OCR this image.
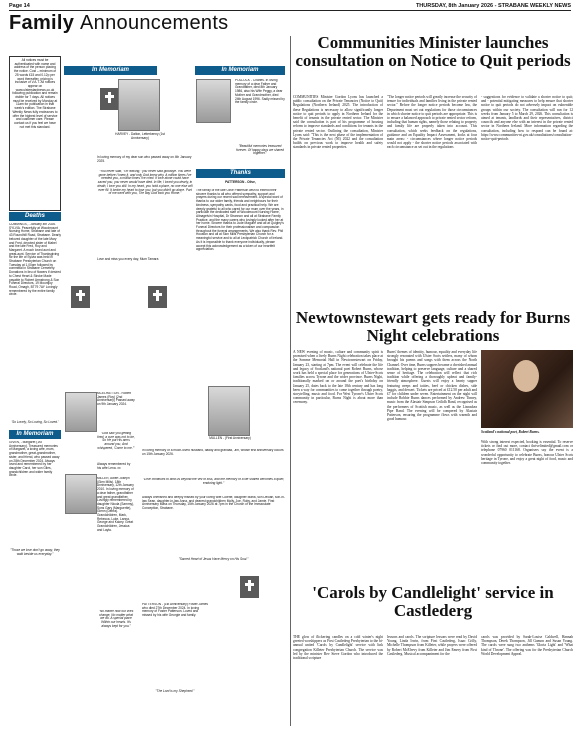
Page 14	THURSDAY, 8th January 2026 - STRABANE WEEKLY NEWS
Family Announcements
All notices must be authenticated with name and address of the person placing the notice. Cost – minimum of 25 words £15 and 0.12p per word thereafter, pricing is inclusive of V.A.T. All notices appear on www.ulsterstardnews.co.uk following publication and remain visible for 7 days. All notices must be received by Monday at 11am for publication in that week's edition. The Strabane Weekly News fully endeavors to offer the highest level of service and customer care. Please contact us if you feel we have not met this standard.
Deaths
CUMMINGS, - January 4th 2026. SYLVIA. Peacefully at Woodmount Nursing Home, Strabane and late of 43 Roundhill Road, Strabane. Dearly beloved daughter of the late Mary and Fred, devoted sister of Mabel and the late Fred, Roy and Margaret. A much loved aunt and great-aunt. Service of Thanksgiving for the life of Sylvia was held in Strabane Presbyterian Church on Tuesday at 1.00pm followed by committal in Strabane Cemetery. Donations in lieu of flowers if desired to Chest Heart & Stroke Made payable to Robert Armstrong & Son Funeral Directors, 19 Mountjoy Road, Omagh, BT79 7AY Lovingly remembered by the entire family circle.
'So Lovely, So Loving, So Loved.'
In Memoriam
GIVEN, - Margaret (1st Anniversary). Treasured memories of Margaret, a loving wife, mum, grandmother, great-grandmother, sister, and friend, who passed away on 28th December 2024. Always loved and remembered by her daughter Carol, her son Giles, grandchildren and wider family circle.
"Those we love don't go away, they walk beside us everyday."
In Memoriam
HARVEY - Dalton, Letterkenny (1st Anniversary)
In loving memory of my dear son who passed away on 4th January 2025.
"You never said, "I'm leaving," you never said goodbye. You were gone before I knew it, and only God knew why. A million times I've needed you, a million times I've cried. If love alone could have saved you, you never would have died. In life, I loved you dearly, in death, I love you still. In my heart, you hold a place, no one else will ever fill. It broke my heart to lose you, but you didn't go alone. Part of me went with you, The day God took you Home."
Love and miss you every day, Mum Tamara
MCELHATTON - Robert James (Roy) (2nd Anniversary) Passed away on 9th January 2024.
"God saw you getting tired, a cure was not to be, So He put His arms around you, And whispered, 'Come to me.'"
Always remembered by his wife Lena. xx
MILLER, Albert Joseph (Glen Mills). 18th Anniversary, 12th January 2010. In loving memory of a dear father, grandfather and great grandfather. Lovingly remembered by daughter Nicola (Sammy), Sons Gary (Marguerite), Glenn (Debra). Grandchildren, Mark, Rebecca, Luke, Lanna, George and Kacey. Great Grandchildren, Jessica and Layla.
"No matter how our lives change, No matter what we do. A special place Within our hearts. It's always kept for you."
In Memoriam
POLLOCK - Charles. In loving memory of a dear Father and Grandfather, died 8th January 1986, also his Wife Peggy, a dear Mother and Grandmother, died 24th August 1996. Sadly missed by the family circle.
"Beautiful memories treasured forever. Of happy days we shared together."
Thanks
PATTERSON - Olive,
The family of the late Olive Patterson wish to extend their sincere thanks to all who offered sympathy, support and prayers during our recent sad bereavement. A special word of thanks to our wider family, friends and neighbours for their kindness, sympathy cards, food and practical help. We are deeply grateful to all who cared for our mum over the years, in particular the dedicated staff of Woodmount Nursing Home, Altnagelvin Hospital, Dr Strannon and all at Strabane Family Practice, and the many carers who lovingly looked after her at her home. Sincere thanks to Jude Maguire and all at Quigley's Funeral Directors for their professionalism and compassion throughout the funeral arrangements. We also thank Rev. Phil Houston and all at Sion Mills Presbyterian Church for a meaningful service and to all at Leckpatrick Church of Ireland. As it is impossible to thank everyone individually, please accept this acknowledgement as a token of our heartfelt appreciation.
MULLEN - (First Anniversary)
In loving memory of a much-loved husband, daddy and grandad, Jim, whose first anniversary occurs on 15th January 2026.
"Love continues to bind us beyond the veil of loss, and the memory of a life shared becomes a quiet, enduring light."
Always cherished and deeply missed by your loving wife Colette, daughter Maria, son Declan, son-in-law Sean, daughter-in-law Anna, and dearest grandchildren Molly, Joe, Ruby, and Jamie. First Anniversary Mass on Thursday, 15th January 2026 at 7pm in the Church of the Immaculate Conception, Strabane.
"Sacred Heart of Jesus Have Mercy on His Soul."
PATTERSON - (1st Anniversary) Foster James who died 27th December 2024. In loving memory of Foster Patterson. Loved and missed by his wife Georgie and family.
"The Lord is my Shepherd."
Communities Minister launches consultation on Notice to Quit periods
COMMUNITIES Minister Gordon Lyons has launched a public consultation on the Private Tenancies (Notice to Quit) Regulations (Northern Ireland) 2025. The introduction of these Regulations is necessary to allow significantly longer notice to quit periods to apply in Northern Ireland for the benefit of tenants in the private rented sector. The Minister said the consultation is part of his programme of housing reform to improve standards and conditions for tenants in the private rented sector. Outlining the consultation, Minister Lyons said: "This is the next phase of the implementation of the Private Tenancies Act (NI) 2022 and the consultation builds on previous work to improve health and safety standards in private rented properties.
"The longer notice periods will greatly increase the security of tenure for individuals and families living in the private rented sector." Before the longer notice periods become law, the Department must set out regulations for those circumstances in which shorter notice to quit periods are appropriate. This is to ensure a balanced approach to private rented sector reform, including that human rights, namely those relating to property and family life are properly taken into account. This consultation, which seeks feedback on the regulations, guidance and an Equality Impact Assessment, looks at four main areas: - circumstances where longer notice periods would not apply - the shorter notice periods associated with each circumstance as set out in the regulations
- suggestions for evidence to validate a shorter notice to quit; and - potential mitigating measures to help ensure that shorter notice to quit periods do not adversely impact on vulnerable groups within our society. The consultation will run for 12 weeks from January 5 to March 29, 2026. This consultation is aimed at tenants, landlords and their representatives, district councils and anyone else with an interest in the private rented sector in Northern Ireland. More information regarding the consultation, including how to respond can be found at: https://www.communities-ni.gov.uk/consultations/consultation-notice-quit-periods
Newtownstewart gets ready for Burns Night celebrations
A NEW evening of music, culture and community spirit is promised when a lively Burns Night celebration takes place at the Somme Memorial Hall in Newtownstewart on Friday, January 23, starting at 7pm. The event will celebrate the life and legacy of Scotland's national poet Robert Burns, whose work has held a special place for generations of Ulster-Scots families across Tyrone and the wider province. Burns Night, traditionally marked on or around the poet's birthday on January 25, dates back to the late 18th century and has long been a way for communities to come together through poetry, storytelling, music and food. For West Tyrone's Ulster Scots community in particular, Burns Night is about more than ceremony.
Burns' themes of identity, humour, equality and everyday life strongly resonated with Ulster Scots settlers, many of whom brought his poems and songs with them across the North Channel. Over time, Burns suppers became a cherished annual tradition, helping to preserve language, culture and a shared sense of heritage. The celebration will reflect that rich tradition while offering a thoroughly upbeat and family-friendly atmosphere. Guests will enjoy a hearty supper featuring neeps and tatties, beef or chicken dishes, side haggis, and dessert. Tickets are priced at £12.50 per adult and £7 for children under seven. Entertainment on the night will include Robbie Burns dances performed by Andrew Tinney, music from the Alastair Simpson Ceilidh Band, recognised as the performers of Scottish music, as well as the Lisnaskea Pipe Band. The evening will be compered by Alastair Patterson, ensuring the programme flows with warmth and good humour.
Scotland's national poet, Robert Burns.
With strong interest expected, booking is essential. To reserve tickets or find out more, contact thrivelimited@gmail.com or telephone 07960 011168. Organisers say the event is a wonderful opportunity to celebrate Burns, honour Ulster Scots heritage in Tyrone, and enjoy a great night of food, music and community together.
'Carols by Candlelight' service in Castlederg
THE glow of flickering candles on a cold winter's night greeted worshippers as First Castlederg Presbyterian to the bi-annual united 'Carols by Candlelight' service with link congregation Killeter Presbyterian Church. The service was led by the minister Rev Steve Gordon who introduced the traditional scripture
lessons and carols. The scripture lessons were read by David Young, Linda Irwin, from First Castlederg, Isaac Crilly, Michelle Thompson from Killeter, while prayers were offered by Robert McElrevy from Killeter and Jim Emery from First Castlederg. Musical accompaniment for the
carols was provided by Sarah-Louise Caldwell, Hannah Thompson, Derek Thompson, Jill Gamon and Susan Young. The carols were sung two anthems 'Gloria Light' and 'What kind of Throne'. The offering was for the Presbyterian Church World Development Appeal.
